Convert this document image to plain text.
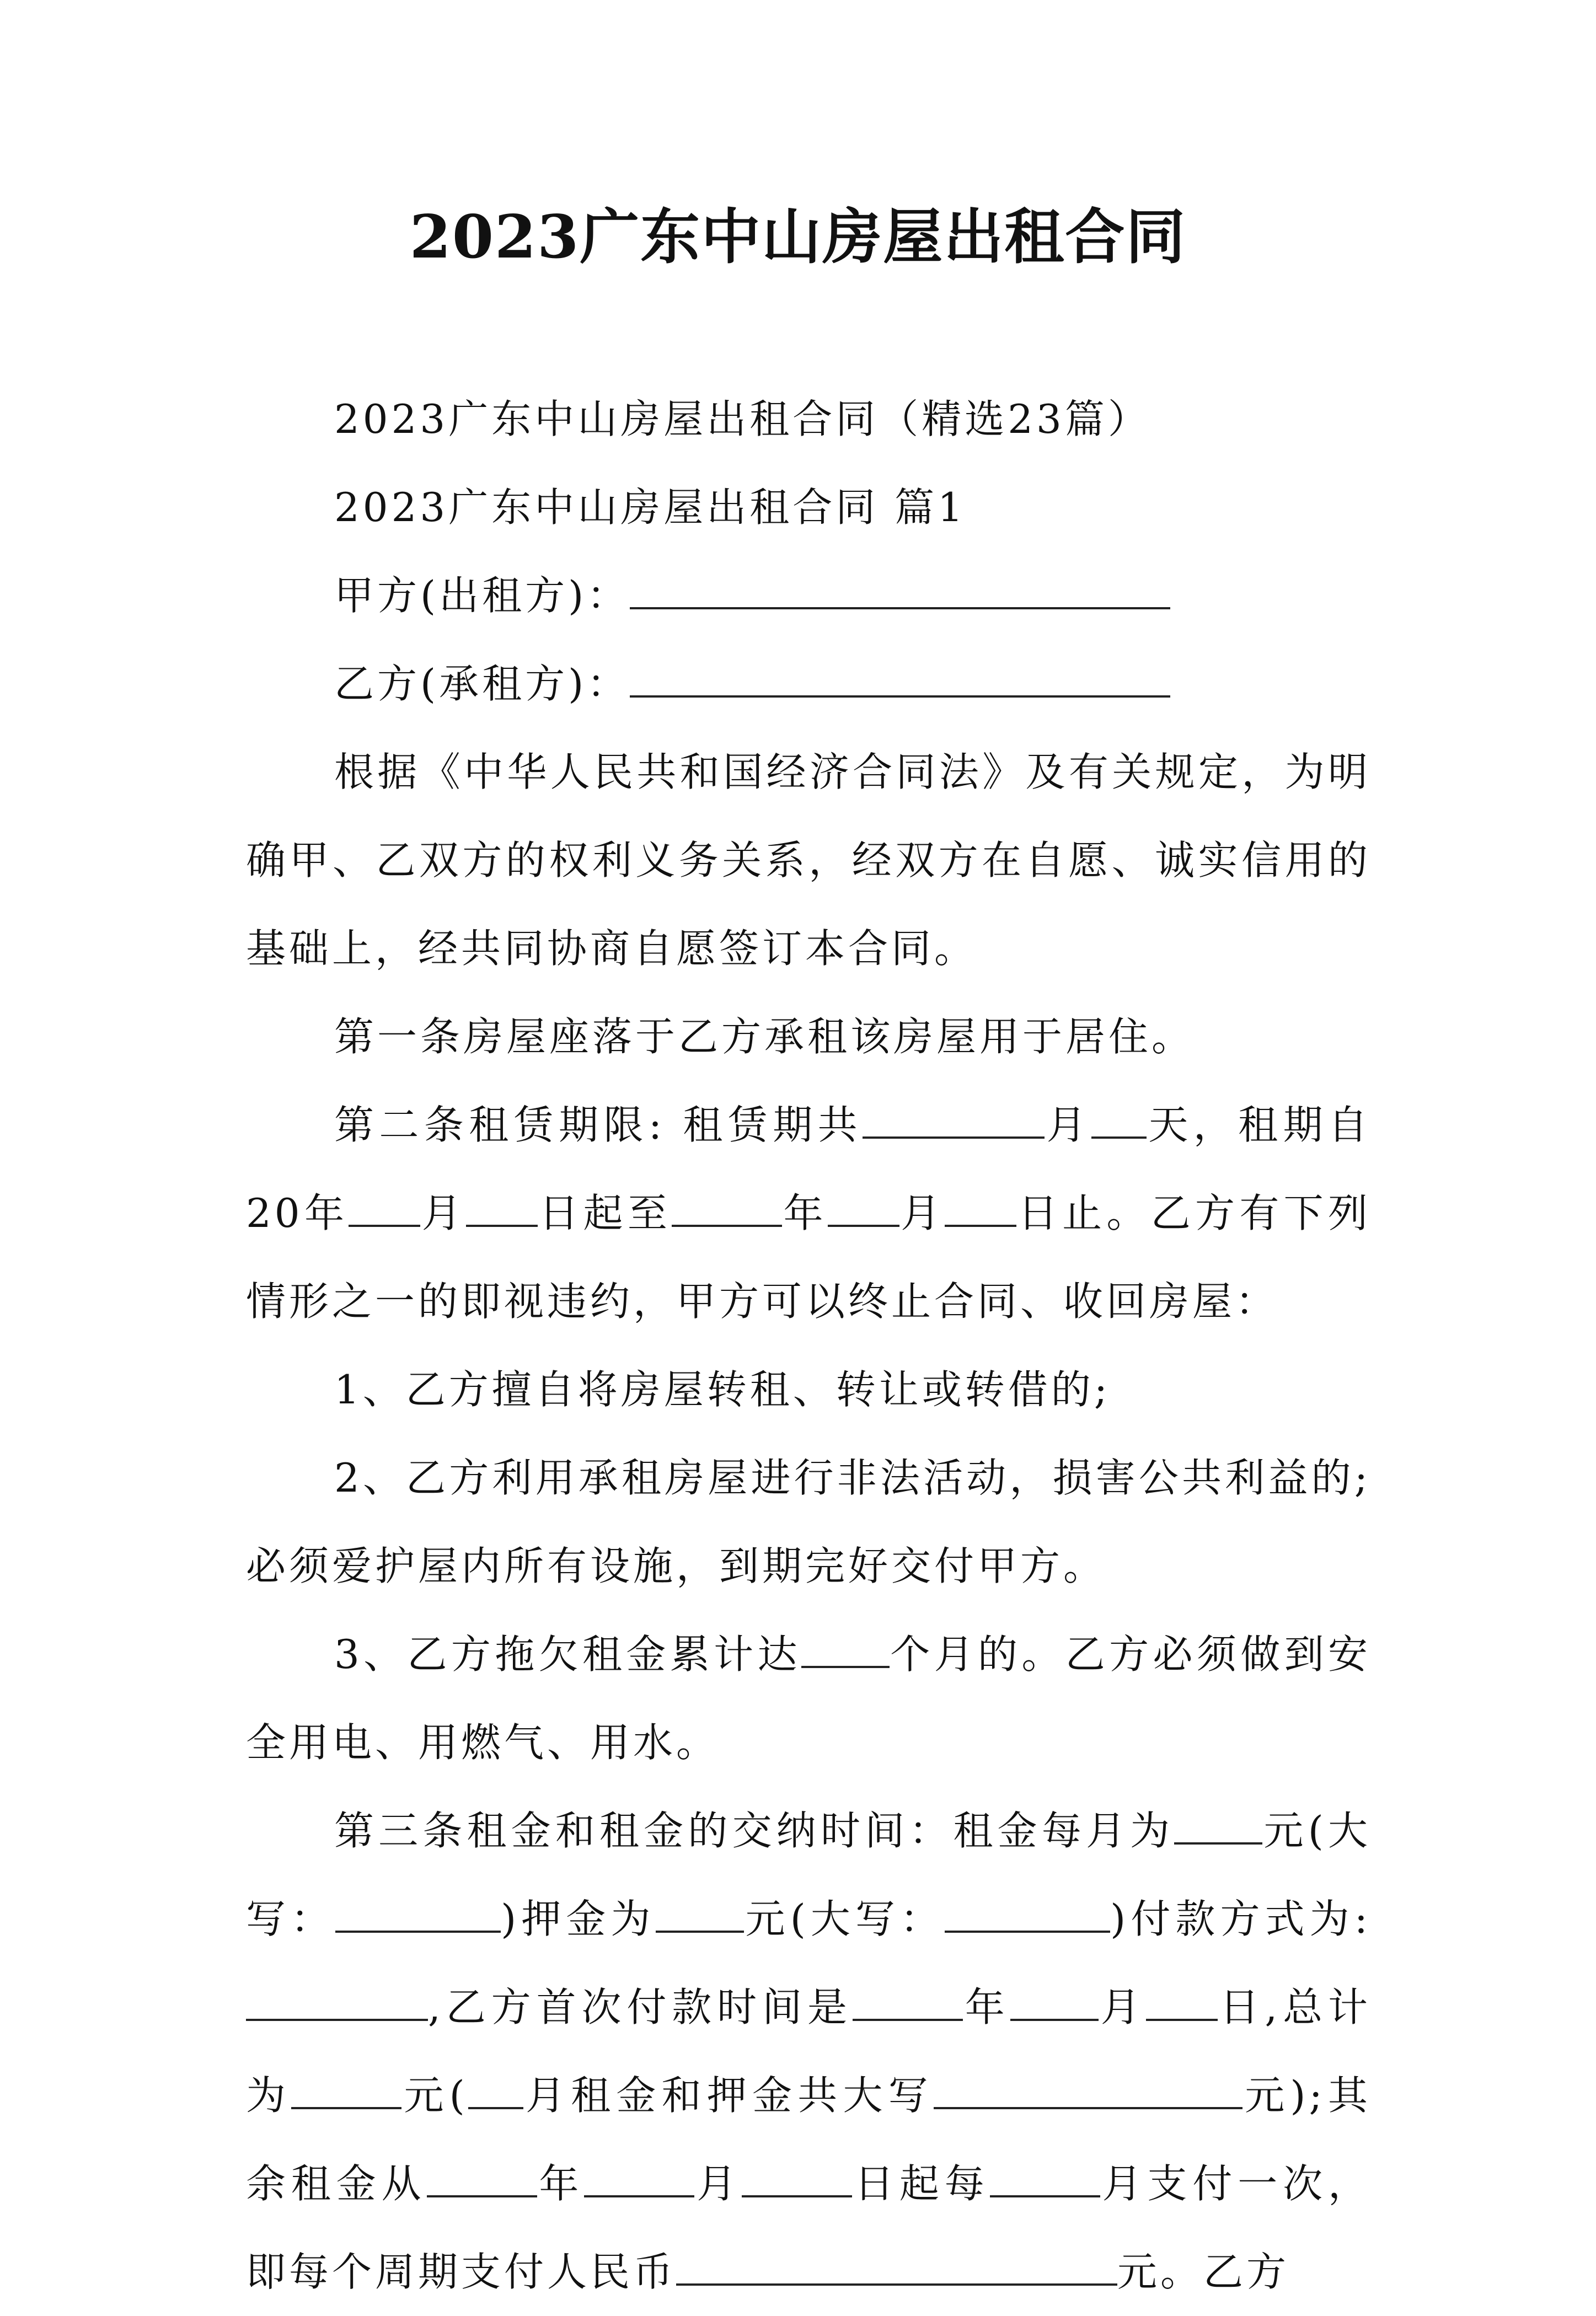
2023广东中山房屋出租合同

2023广东中山房屋出租合同（精选23篇）

2023广东中山房屋出租合同 篇1

甲方(出租方)：

乙方(承租方)：

根据《中华人民共和国经济合同法》及有关规定，为明确甲、乙双方的权利义务关系，经双方在自愿、诚实信用的基础上，经共同协商自愿签订本合同。

第一条房屋座落于乙方承租该房屋用于居住。

第二条租赁期限: 租赁期共	月 天，租期自20年 月 日起至	年 月 日止。乙方有下列情形之一的即视违约，甲方可以终止合同、收回房屋：

1、乙方擅自将房屋转租、转让或转借的;

2、乙方利用承租房屋进行非法活动，损害公共利益的;必须爱护屋内所有设施，到期完好交付甲方。

3、乙方拖欠租金累计达 个月的。乙方必须做到安全用电、用燃气、用水。

第三条租金和租金的交纳时间：租金每月为 元(大写：	)押金为 元(大写：	)付款方式为:,乙方首次付款时间是	年 月 日,总计为	元( 月租金和押金共大写	元);其余租金从	年	月	日起每	月支付一次，即每个周期支付人民币	元。乙方
